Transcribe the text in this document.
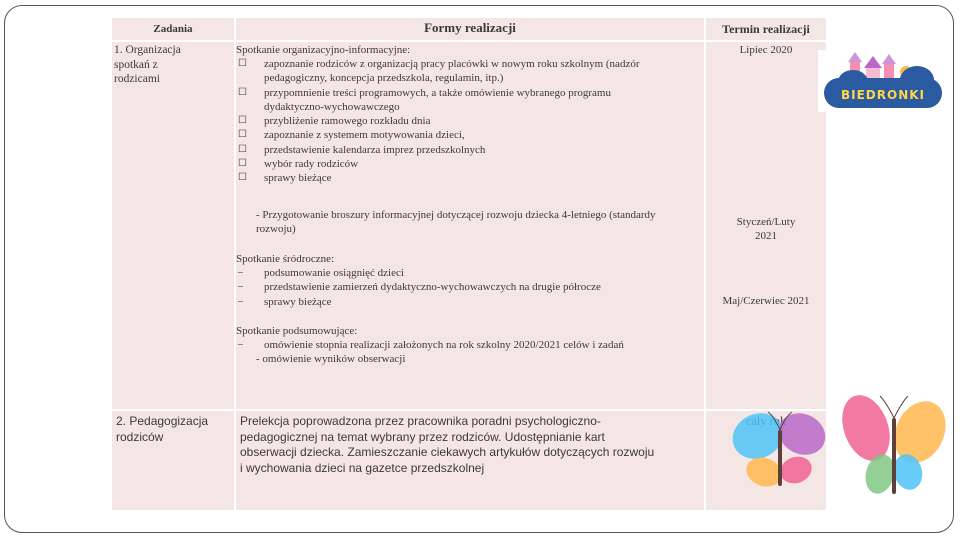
Zadania	Formy realizacji	Termin realizacji
1. Organizacja spotkań z rodzicami
Spotkanie organizacyjno-informacyjne:
☐ zapoznanie rodziców z organizacją pracy placówki w nowym roku szkolnym (nadzór pedagogiczny, koncepcja przedszkola, regulamin, itp.)
☐ przypomnienie treści programowych, a także omówienie wybranego programu dydaktyczno-wychowawczego
☐ przybliżenie ramowego rozkładu dnia
☐ zapoznanie z systemem motywowania dzieci,
☐ przedstawienie kalendarza imprez przedszkolnych
☐ wybór rady rodziców
☐ sprawy bieżące
- Przygotowanie broszury informacyjnej dotyczącej rozwoju dziecka 4-letniego (standardy rozwoju)
Spotkanie śródroczne:
– podsumowanie osiągnięć dzieci
– przedstawienie zamierzeń dydaktyczno-wychowawczych na drugie półrocze
– sprawy bieżące
Spotkanie podsumowujące:
– omówienie stopnia realizacji założonych na rok szkolny 2020/2021 celów i zadań
- omówienie wyników obserwacji
Lipiec 2020
Styczeń/Luty 2021
Maj/Czerwiec 2021
2. Pedagogizacja rodziców
Prelekcja poprowadzona przez pracownika poradni psychologiczno-pedagogicznej na temat wybrany przez rodziców. Udostępnianie kart obserwacji dziecka. Zamieszczanie ciekawych artykułów dotyczących rozwoju i wychowania dzieci na gazetce przedszkolnej
BIEDRONKI
